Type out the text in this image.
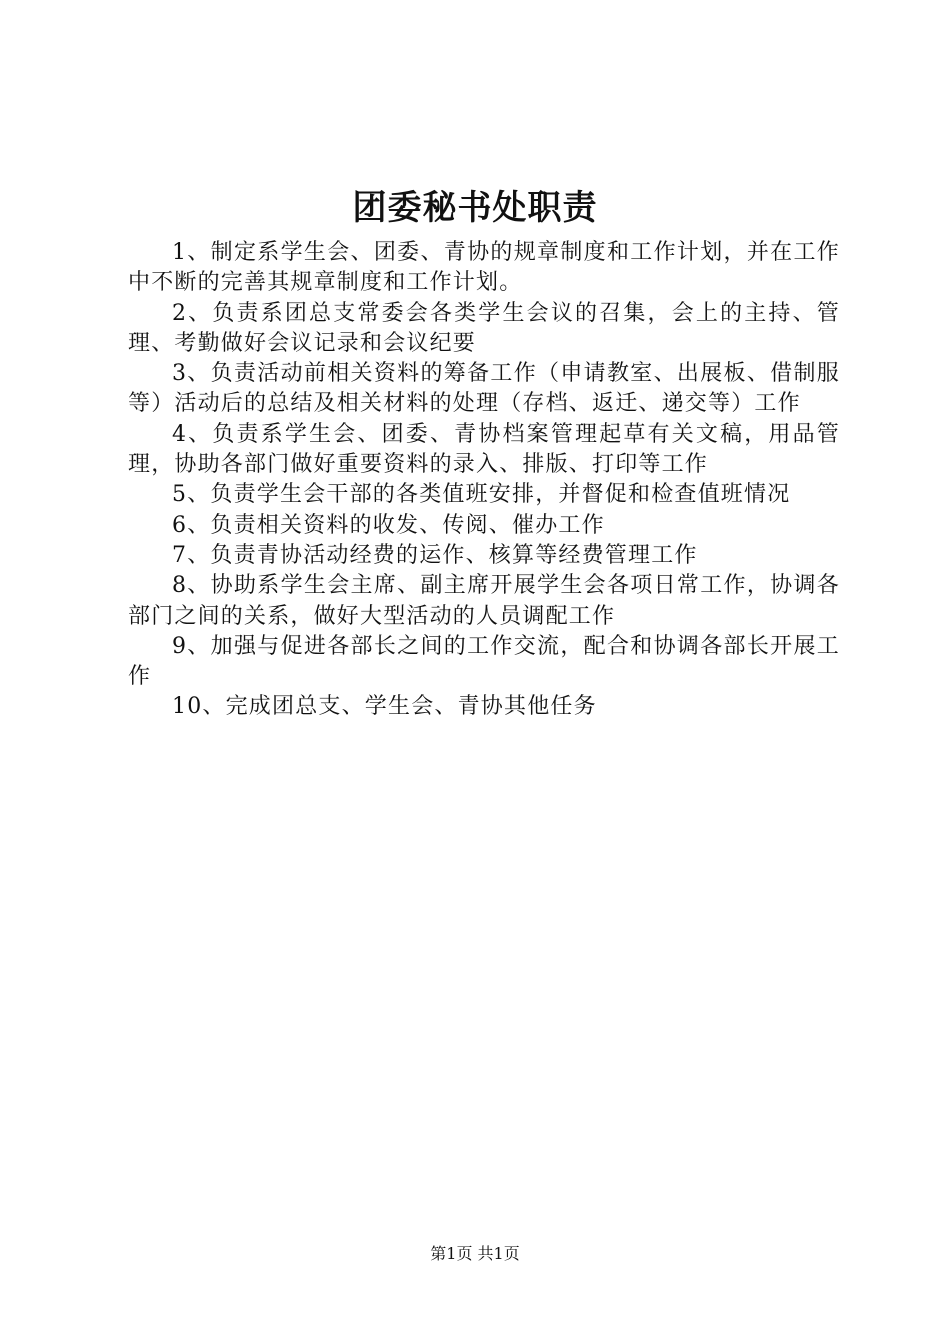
团委秘书处职责

1、制定系学生会、团委、青协的规章制度和工作计划，并在工作中不断的完善其规章制度和工作计划。

2、负责系团总支常委会各类学生会议的召集，会上的主持、管理、考勤做好会议记录和会议纪要

3、负责活动前相关资料的筹备工作（申请教室、出展板、借制服等）活动后的总结及相关材料的处理（存档、返迁、递交等）工作

4、负责系学生会、团委、青协档案管理起草有关文稿，用品管理，协助各部门做好重要资料的录入、排版、打印等工作

5、负责学生会干部的各类值班安排，并督促和检查值班情况

6、负责相关资料的收发、传阅、催办工作

7、负责青协活动经费的运作、核算等经费管理工作

8、协助系学生会主席、副主席开展学生会各项日常工作，协调各部门之间的关系，做好大型活动的人员调配工作

9、加强与促进各部长之间的工作交流，配合和协调各部长开展工作

10、完成团总支、学生会、青协其他任务

第1页 共1页
